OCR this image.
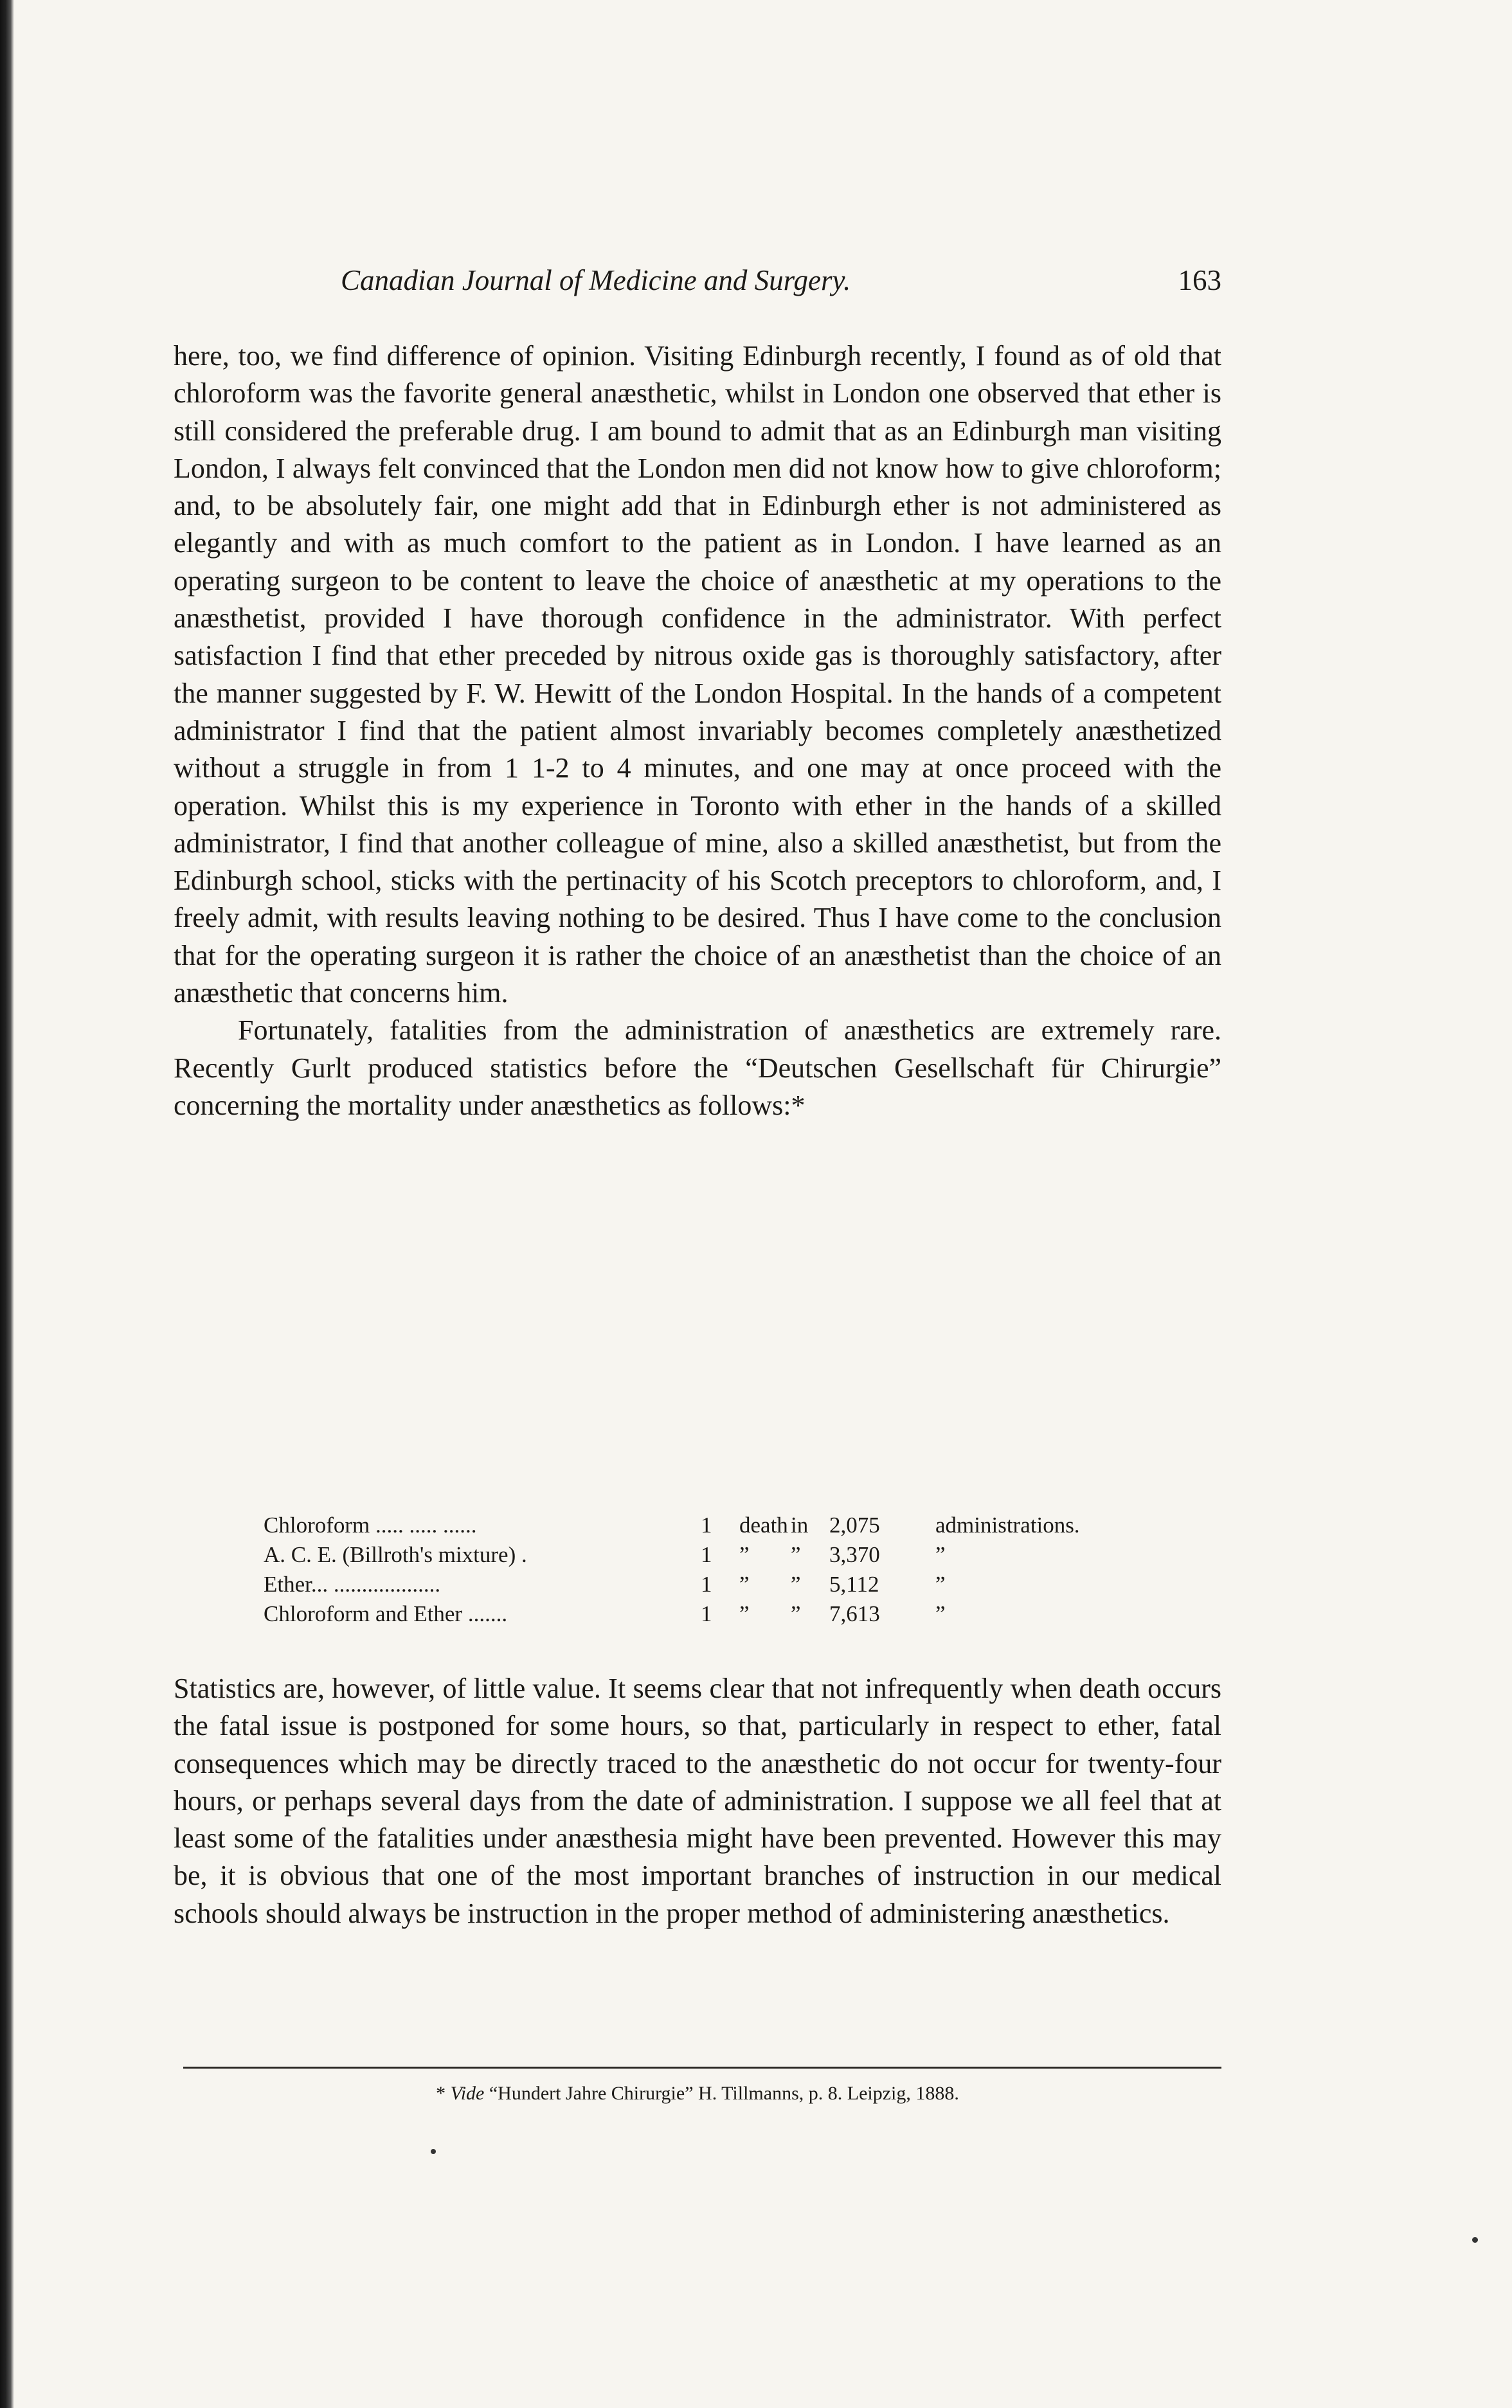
Canadian Journal of Medicine and Surgery.	163

here, too, we find difference of opinion. Visiting Edinburgh recently, I found as of old that chloroform was the favorite general anæsthetic, whilst in London one observed that ether is still considered the preferable drug. I am bound to admit that as an Edinburgh man visiting London, I always felt convinced that the London men did not know how to give chloroform; and, to be absolutely fair, one might add that in Edinburgh ether is not administered as elegantly and with as much comfort to the patient as in London. I have learned as an operating surgeon to be content to leave the choice of anæsthetic at my operations to the anæsthetist, provided I have thorough confidence in the administrator. With perfect satisfaction I find that ether preceded by nitrous oxide gas is thoroughly satisfactory, after the manner suggested by F. W. Hewitt of the London Hospital. In the hands of a competent administrator I find that the patient almost invariably becomes completely anæsthetized without a struggle in from 1 1-2 to 4 minutes, and one may at once proceed with the operation. Whilst this is my experience in Toronto with ether in the hands of a skilled administrator, I find that another colleague of mine, also a skilled anæsthetist, but from the Edinburgh school, sticks with the pertinacity of his Scotch preceptors to chloroform, and, I freely admit, with results leaving nothing to be desired. Thus I have come to the conclusion that for the operating surgeon it is rather the choice of an anæsthetist than the choice of an anæsthetic that concerns him.

Fortunately, fatalities from the administration of anæsthetics are extremely rare. Recently Gurlt produced statistics before the “Deutschen Gesellschaft für Chirurgie” concerning the mortality under anæsthetics as follows:*

Chloroform ..... ..... ......	1 death in 2,075 administrations.
A. C. E. (Billroth's mixture) .	1 ” ” 3,370 ”
Ether... ...................	1 ” ” 5,112	”
Chloroform and Ether .......	1 ” ” 7,613 ”

Statistics are, however, of little value. It seems clear that not infrequently when death occurs the fatal issue is postponed for some hours, so that, particularly in respect to ether, fatal consequences which may be directly traced to the anæsthetic do not occur for twenty-four hours, or perhaps several days from the date of administration. I suppose we all feel that at least some of the fatalities under anæsthesia might have been prevented. However this may be, it is obvious that one of the most important branches of instruction in our medical schools should always be instruction in the proper method of administering anæsthetics.

* Vide “Hundert Jahre Chirurgie” H. Tillmanns, p. 8. Leipzig, 1888.
